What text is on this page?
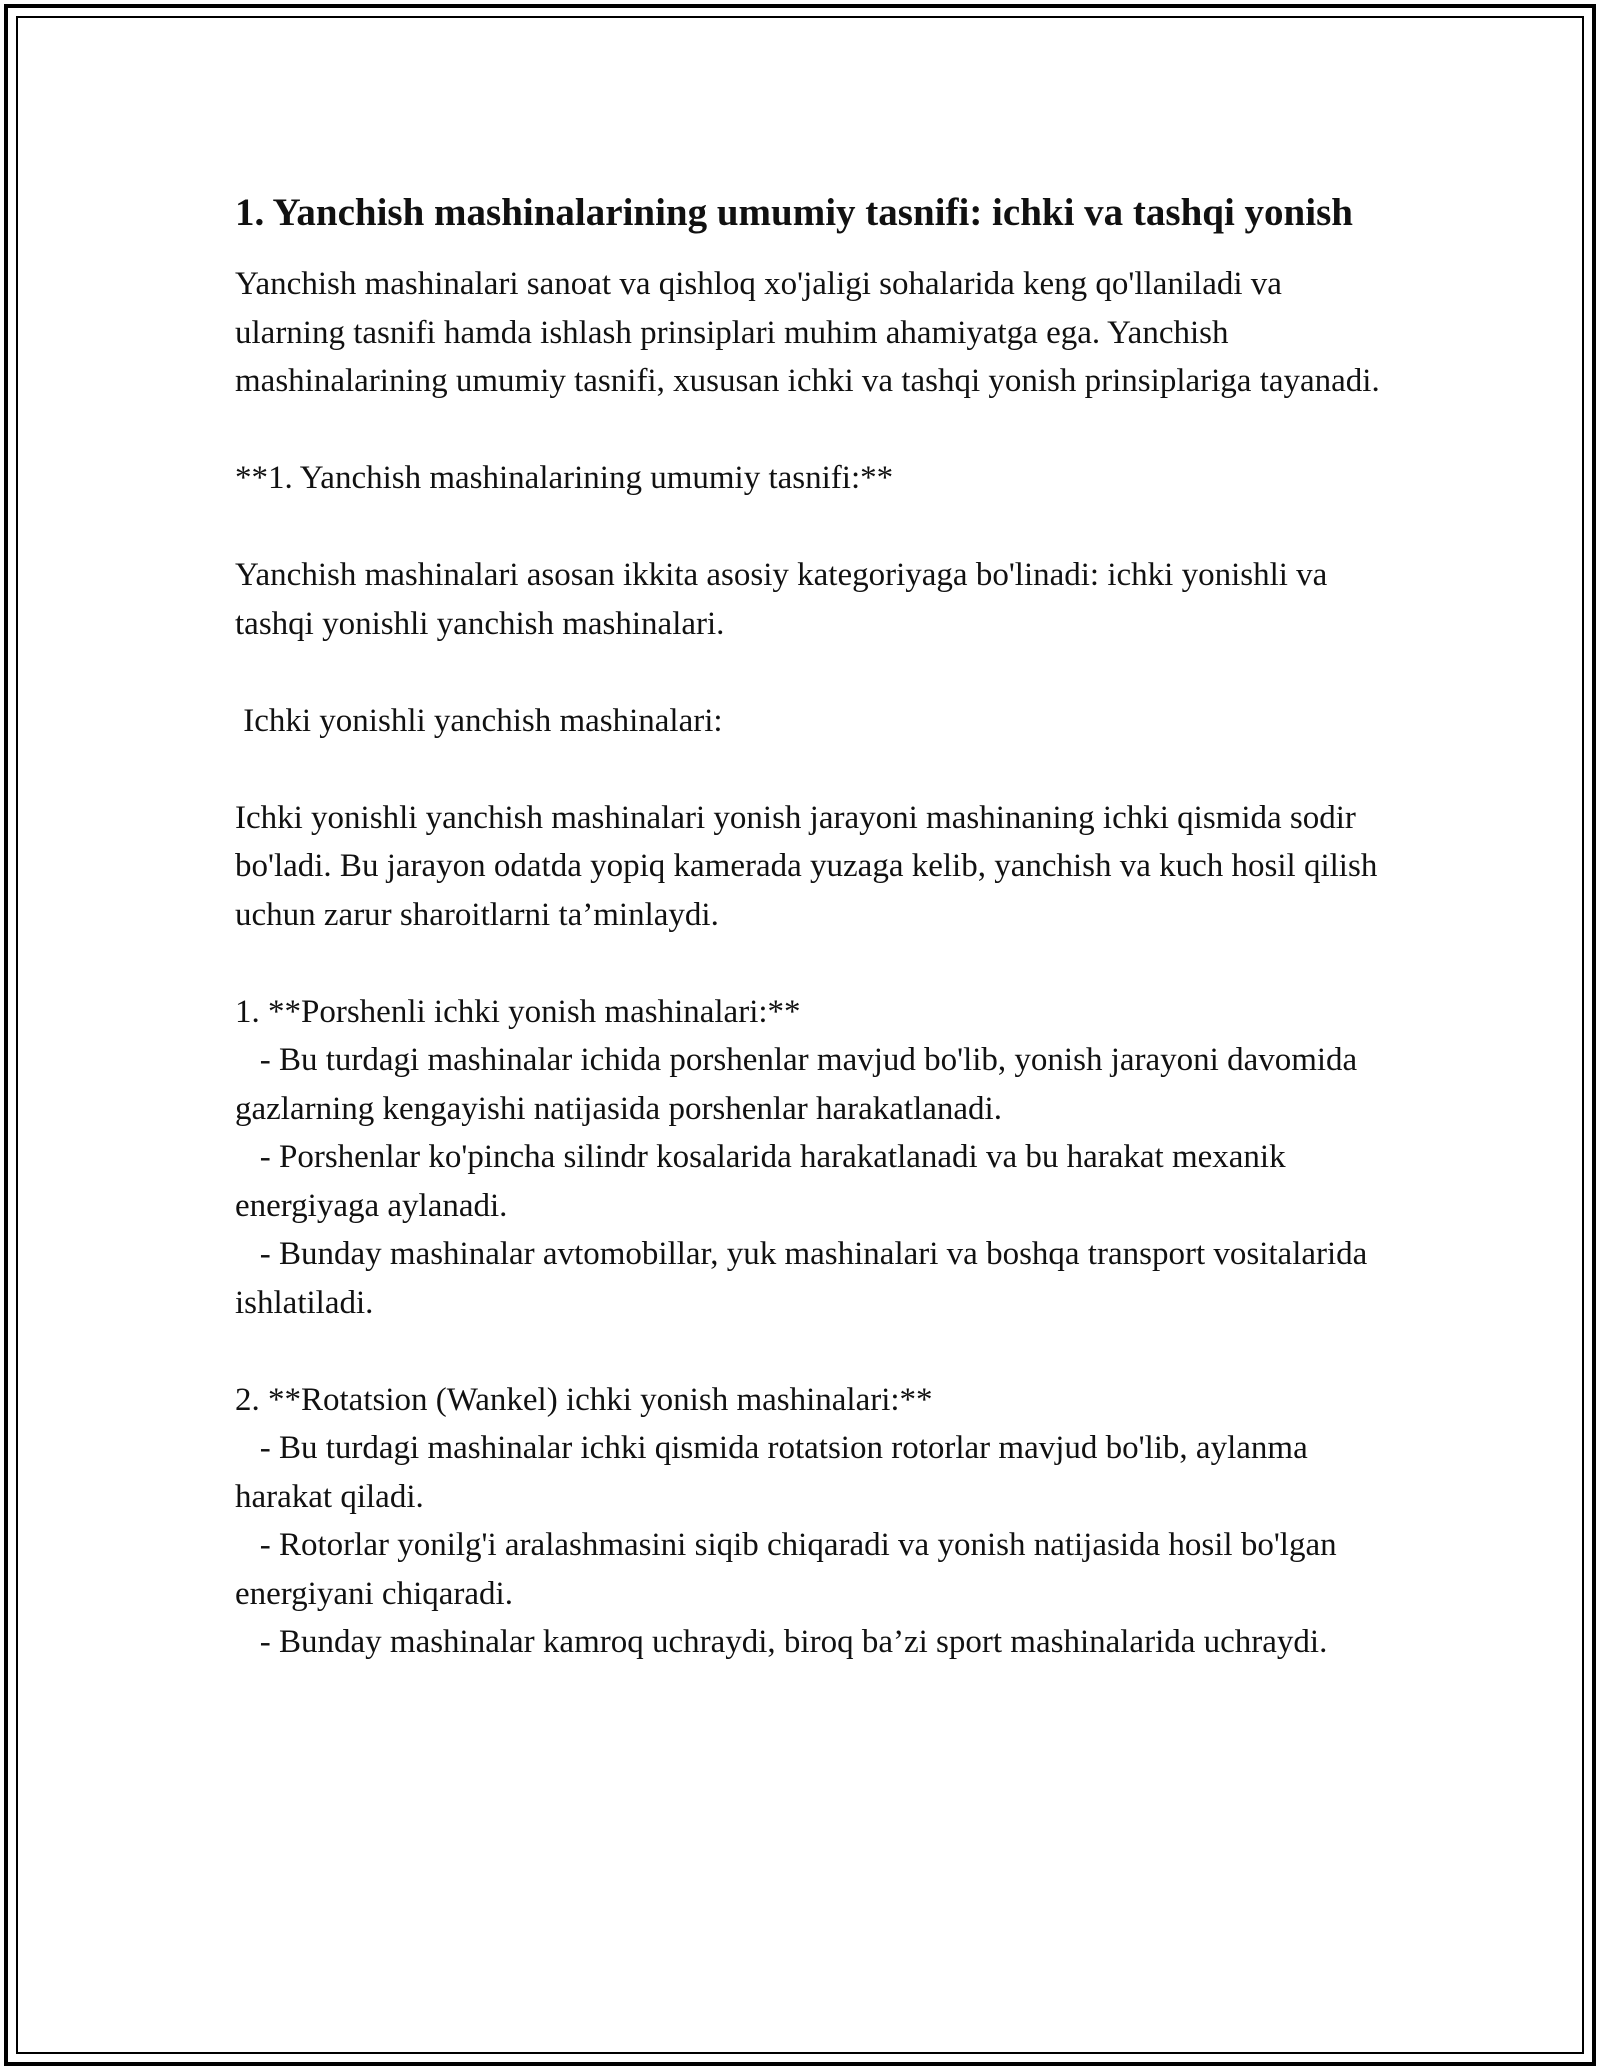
1. Yanchish mashinalarining umumiy tasnifi: ichki va tashqi yonish

Yanchish mashinalari sanoat va qishloq xo'jaligi sohalarida keng qo'llaniladi va ularning tasnifi hamda ishlash prinsiplari muhim ahamiyatga ega. Yanchish mashinalarining umumiy tasnifi, xususan ichki va tashqi yonish prinsiplariga tayanadi.

**1. Yanchish mashinalarining umumiy tasnifi:**

Yanchish mashinalari asosan ikkita asosiy kategoriyaga bo'linadi: ichki yonishli va tashqi yonishli yanchish mashinalari.

Ichki yonishli yanchish mashinalari:

Ichki yonishli yanchish mashinalari yonish jarayoni mashinaning ichki qismida sodir bo'ladi. Bu jarayon odatda yopiq kamerada yuzaga kelib, yanchish va kuch hosil qilish uchun zarur sharoitlarni ta’minlaydi.

1. **Porshenli ichki yonish mashinalari:**
- Bu turdagi mashinalar ichida porshenlar mavjud bo'lib, yonish jarayoni davomida gazlarning kengayishi natijasida porshenlar harakatlanadi.
- Porshenlar ko'pincha silindr kosalarida harakatlanadi va bu harakat mexanik energiyaga aylanadi.
- Bunday mashinalar avtomobillar, yuk mashinalari va boshqa transport vositalarida ishlatiladi.

2. **Rotatsion (Wankel) ichki yonish mashinalari:**
- Bu turdagi mashinalar ichki qismida rotatsion rotorlar mavjud bo'lib, aylanma harakat qiladi.
- Rotorlar yonilg'i aralashmasini siqib chiqaradi va yonish natijasida hosil bo'lgan energiyani chiqaradi.
- Bunday mashinalar kamroq uchraydi, biroq ba’zi sport mashinalarida uchraydi.
